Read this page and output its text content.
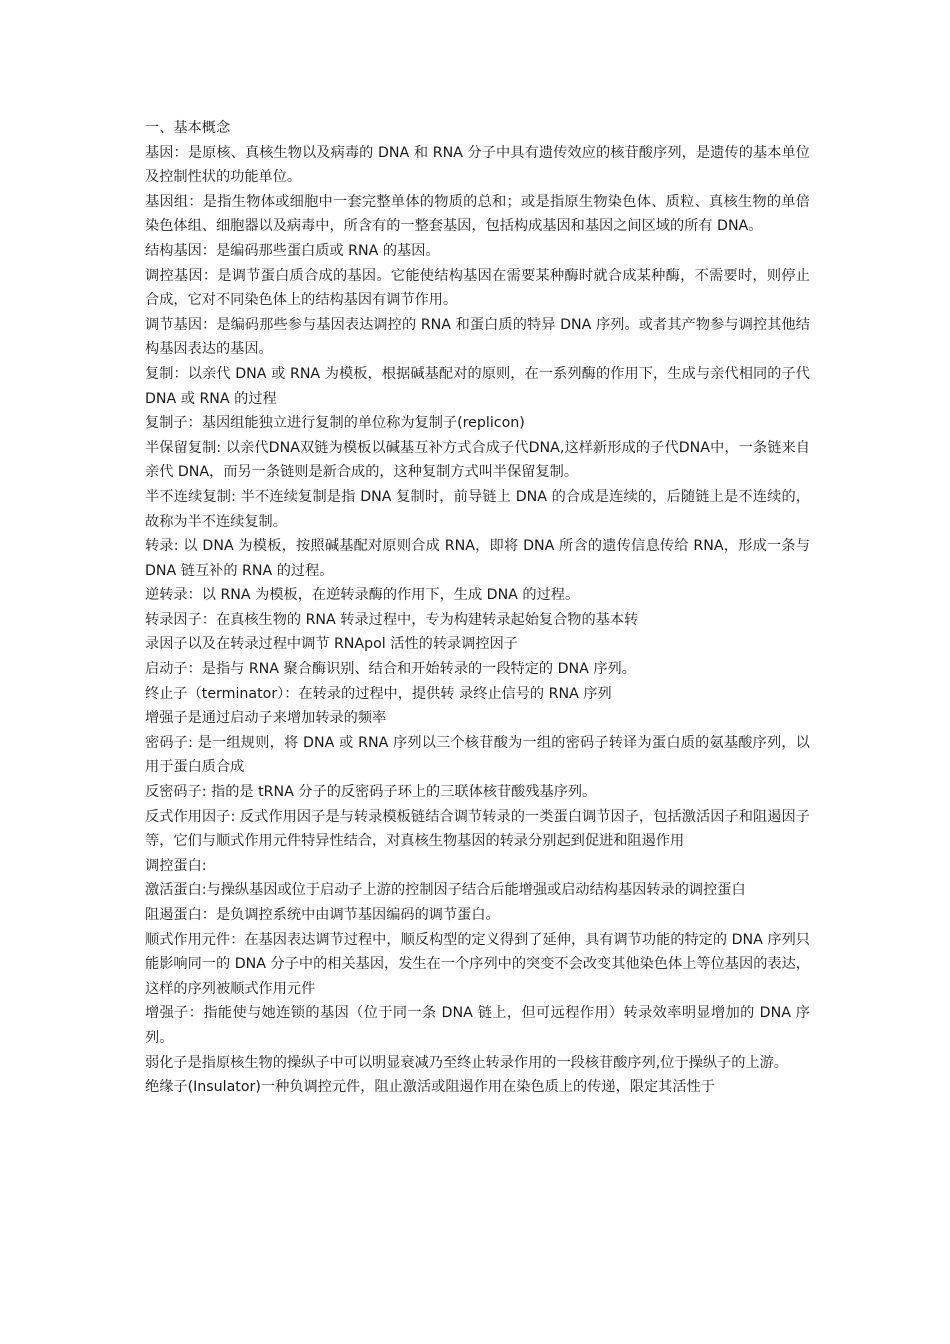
一、基本概念

基因：是原核、真核生物以及病毒的 DNA 和 RNA 分子中具有遗传效应的核苷酸序列，是遗传的基本单位及控制性状的功能单位。

基因组：是指生物体或细胞中一套完整单体的物质的总和；或是指原生物染色体、质粒、真核生物的单倍染色体组、细胞器以及病毒中，所含有的一整套基因，包括构成基因和基因之间区域的所有 DNA。

结构基因：是编码那些蛋白质或 RNA 的基因。

调控基因：是调节蛋白质合成的基因。它能使结构基因在需要某种酶时就合成某种酶，不需要时，则停止合成，它对不同染色体上的结构基因有调节作用。

调节基因：是编码那些参与基因表达调控的 RNA 和蛋白质的特异 DNA 序列。或者其产物参与调控其他结构基因表达的基因。

复制：以亲代 DNA 或 RNA 为模板，根据碱基配对的原则，在一系列酶的作用下，生成与亲代相同的子代 DNA 或 RNA 的过程

复制子：基因组能独立进行复制的单位称为复制子(replicon)

半保留复制: 以亲代DNA双链为模板以碱基互补方式合成子代DNA,这样新形成的子代DNA中，一条链来自亲代 DNA，而另一条链则是新合成的，这种复制方式叫半保留复制。

半不连续复制: 半不连续复制是指 DNA 复制时，前导链上 DNA 的合成是连续的，后随链上是不连续的，故称为半不连续复制。

转录: 以 DNA 为模板，按照碱基配对原则合成 RNA，即将 DNA 所含的遗传信息传给 RNA，形成一条与 DNA 链互补的 RNA 的过程。

逆转录：以 RNA 为模板，在逆转录酶的作用下，生成 DNA 的过程。

转录因子：在真核生物的 RNA 转录过程中，专为构建转录起始复合物的基本转

录因子以及在转录过程中调节 RNApol 活性的转录调控因子

启动子：是指与 RNA 聚合酶识别、结合和开始转录的一段特定的 DNA 序列。

终止子（terminator）：在转录的过程中，提供转 录终止信号的 RNA 序列

增强子是通过启动子来增加转录的频率

密码子: 是一组规则，将 DNA 或 RNA 序列以三个核苷酸为一组的密码子转译为蛋白质的氨基酸序列，以用于蛋白质合成

反密码子: 指的是 tRNA 分子的反密码子环上的三联体核苷酸残基序列。

反式作用因子: 反式作用因子是与转录模板链结合调节转录的一类蛋白调节因子，包括激活因子和阻遏因子等，它们与顺式作用元件特异性结合，对真核生物基因的转录分别起到促进和阻遏作用

调控蛋白:

激活蛋白:与操纵基因或位于启动子上游的控制因子结合后能增强或启动结构基因转录的调控蛋白

阻遏蛋白：是负调控系统中由调节基因编码的调节蛋白。

顺式作用元件：在基因表达调节过程中，顺反构型的定义得到了延伸，具有调节功能的特定的 DNA 序列只能影响同一的 DNA 分子中的相关基因，发生在一个序列中的突变不会改变其他染色体上等位基因的表达，这样的序列被顺式作用元件

增强子：指能使与她连锁的基因（位于同一条 DNA 链上，但可远程作用）转录效率明显增加的 DNA 序列。

弱化子是指原核生物的操纵子中可以明显衰减乃至终止转录作用的一段核苷酸序列,位于操纵子的上游。

绝缘子(Insulator)一种负调控元件，阻止激活或阻遏作用在染色质上的传递，限定其活性于
